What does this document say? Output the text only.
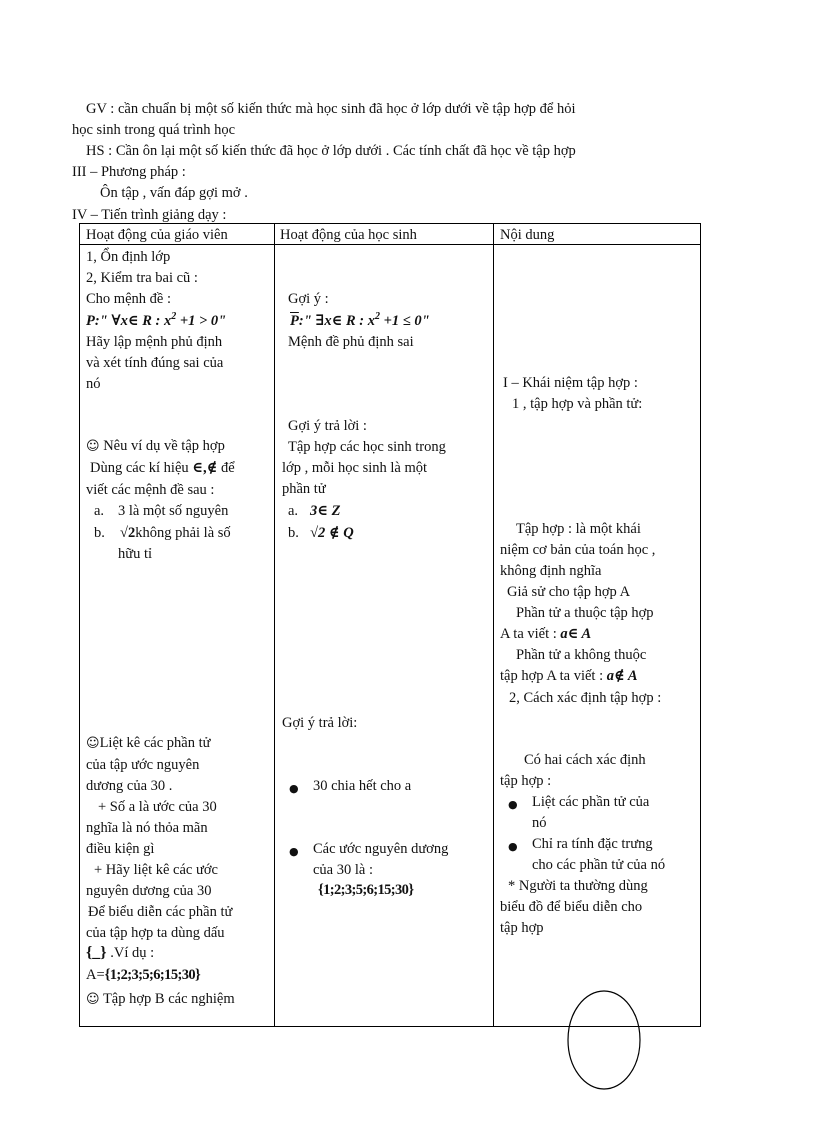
GV : cần chuẩn bị một số kiến thức mà học sinh đã học ở lớp dưới về tập hợp để hỏi
học sinh trong quá trình học
HS : Cần ôn lại một số kiến thức đã học ở lớp dưới . Các tính chất đã học về tập hợp
III – Phương pháp :
Ôn tập , vấn đáp gợi mở .
IV – Tiến trình giảng dạy :
Hoạt động của giáo viên	Hoạt động của học sinh	Nội dung
1, Ổn định lớp
2, Kiểm tra bai cũ :
Cho mệnh đề :
P:" ∀x∈ R : $x^2 +1 > 0$"
Hãy lập mệnh phủ định
và xét tính đúng sai của
nó
☺ Nêu ví dụ về tập hợp
Dùng các kí hiệu ∈,∉ để
viết các mệnh đề sau :
a. 3 là một số nguyên
b. √2không phải là số
hữu tỉ
☺Liệt kê các phần tử
của tập ước nguyên
dương của 30 .
+ Số a là ước của 30
nghĩa là nó thỏa mãn
điều kiện gì
+ Hãy liệt kê các ước
nguyên dương của 30
Để biểu diễn các phần tử
của tập hợp ta dùng dấu
{_} .Ví dụ :
A={1;2;3;5;6;15;30}
☺ Tập hợp B các nghiệm
Gợi ý :
$\overline{P}$:" ∃x∈ R : $x^2 +1 \le 0$"
Mệnh đề phủ định sai
Gợi ý trả lời :
Tập hợp các học sinh trong
lớp , mỗi học sinh là một
phần tử
a. 3∈ Z
b. √2 ∉ Q
Gợi ý trả lời:
● 30 chia hết cho a
● Các ước nguyên dương
của 30 là :
{1;2;3;5;6;15;30}
I – Khái niệm tập hợp :
1 , tập hợp và phần tử:
Tập hợp : là một khái
niệm cơ bản của toán học ,
không định nghĩa
Giả sử cho tập hợp A
Phần tử a thuộc tập hợp
A ta viết : a∈ A
Phần tử a không thuộc
tập hợp A ta viết : a∉ A
2, Cách xác định tập hợp :
Có hai cách xác định
tập hợp :
● Liệt các phần tử của
nó
● Chỉ ra tính đặc trưng
cho các phần tử của nó
* Người ta thường dùng
biểu đồ để biểu diễn cho
tập hợp
